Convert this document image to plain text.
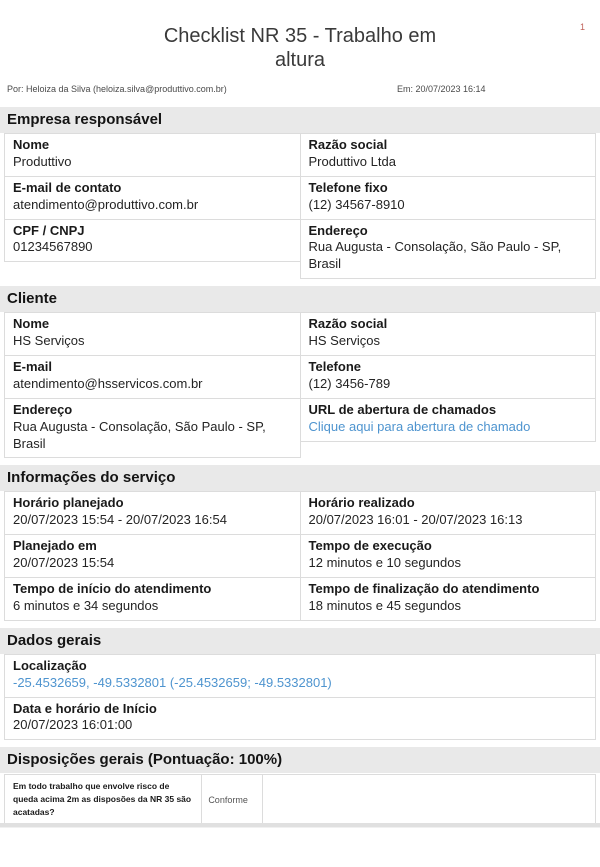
1
Checklist NR 35 - Trabalho em altura
Por: Heloiza da Silva (heloiza.silva@produttivo.com.br)	Em: 20/07/2023 16:14
Empresa responsável
Nome
Produttivo
Razão social
Produttivo Ltda
E-mail de contato
atendimento@produttivo.com.br
Telefone fixo
(12) 34567-8910
CPF / CNPJ
01234567890
Endereço
Rua Augusta - Consolação, São Paulo - SP, Brasil
Cliente
Nome
HS Serviços
Razão social
HS Serviços
E-mail
atendimento@hsservicos.com.br
Telefone
(12) 3456-789
Endereço
Rua Augusta - Consolação, São Paulo - SP, Brasil
URL de abertura de chamados
Clique aqui para abertura de chamado
Informações do serviço
Horário planejado
20/07/2023 15:54 - 20/07/2023 16:54
Horário realizado
20/07/2023 16:01 - 20/07/2023 16:13
Planejado em
20/07/2023 15:54
Tempo de execução
12 minutos e 10 segundos
Tempo de início do atendimento
6 minutos e 34 segundos
Tempo de finalização do atendimento
18 minutos e 45 segundos
Dados gerais
Localização
-25.4532659, -49.5332801 (-25.4532659; -49.5332801)
Data e horário de Início
20/07/2023 16:01:00
Disposições gerais (Pontuação: 100%)
Em todo trabalho que envolve risco de queda acima 2m as disposões da NR 35 são acatadas?
Conforme
